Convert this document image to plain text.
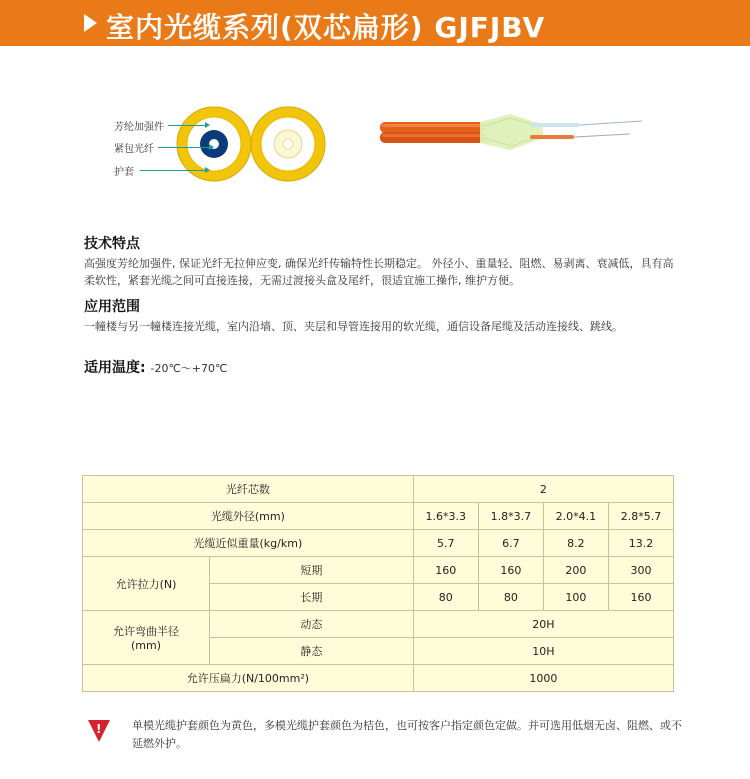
室内光缆系列(双芯扁形) GJFJBV
芳纶加强件
紧包光纤
护套
技术特点
高强度芳纶加强件, 保证光纤无拉伸应变, 确保光纤传输特性长期稳定。 外径小、重量轻、阻燃、易剥离、衰减低，具有高柔软性，紧套光缆之间可直接连接，无需过渡接头盒及尾纤，很适宜施工操作, 维护方便。
应用范围
一幢楼与另一幢楼连接光缆，室内沿墙、顶、夹层和导管连接用的软光缆，通信设备尾缆及活动连接线、跳线。
适用温度: -20℃～+70℃
光纤芯数		2			
光缆外径(mm)		1.6*3.3	1.8*3.7	2.0*4.1	2.8*5.7
光缆近似重量(kg/km)		5.7	6.7	8.2	13.2
允许拉力(N)	短期	160	160	200	300
	长期	80	80	100	160

允许弯曲半径
(mm)	动态	20H			
	静态	10H			
允许压扁力(N/100mm²)		1000			
!	单模光缆护套颜色为黄色，多模光缆护套颜色为桔色，也可按客户指定颜色定做。并可选用低烟无卤、阻燃、或不延燃外护。
